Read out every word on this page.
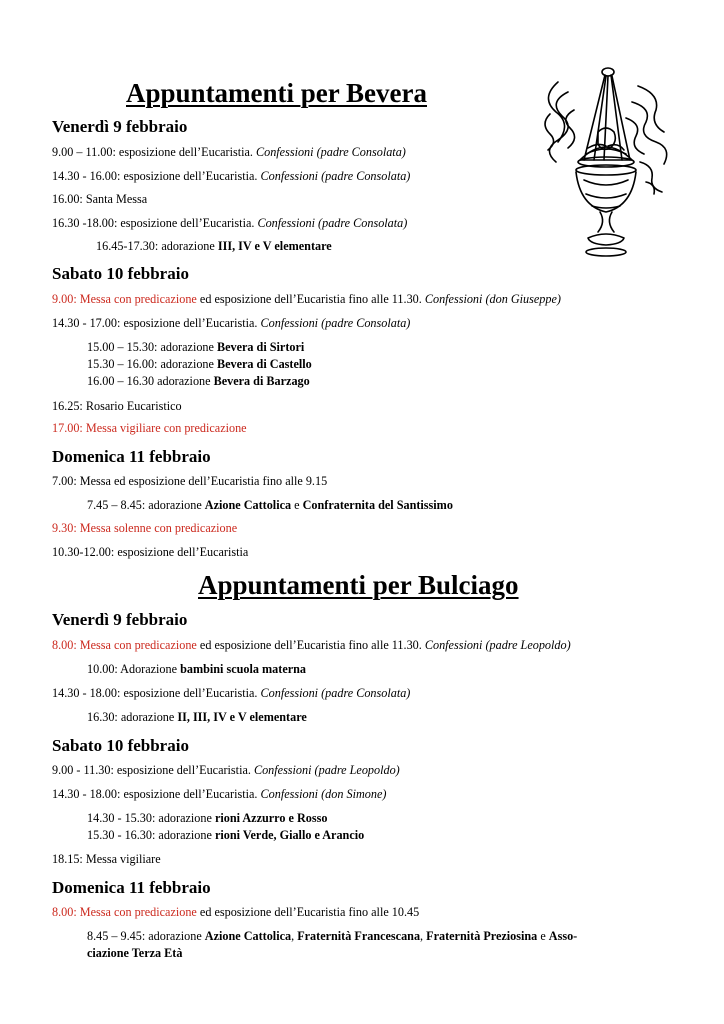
Appuntamenti per Bevera
Venerdì 9 febbraio
9.00 – 11.00: esposizione dell’Eucaristia. Confessioni (padre Consolata)
14.30 - 16.00: esposizione dell’Eucaristia. Confessioni (padre Consolata)
16.00: Santa Messa
16.30 -18.00: esposizione dell’Eucaristia. Confessioni (padre Consolata)
16.45-17.30: adorazione III, IV e V elementare
Sabato 10 febbraio
9.00: Messa con predicazione ed esposizione dell’Eucaristia fino alle 11.30. Confessioni (don Giuseppe)
14.30 - 17.00: esposizione dell’Eucaristia. Confessioni (padre Consolata)
15.00 – 15.30: adorazione Bevera di Sirtori
15.30 – 16.00: adorazione Bevera di Castello
16.00 – 16.30 adorazione Bevera di Barzago
16.25: Rosario Eucaristico
17.00: Messa vigiliare con predicazione
Domenica 11 febbraio
7.00: Messa ed esposizione dell’Eucaristia fino alle 9.15
7.45 – 8.45: adorazione Azione Cattolica e Confraternita del Santissimo
9.30: Messa solenne con predicazione
10.30-12.00: esposizione dell’Eucaristia
Appuntamenti per Bulciago
Venerdì 9 febbraio
8.00: Messa con predicazione ed esposizione dell’Eucaristia fino alle 11.30. Confessioni (padre Leopoldo)
10.00: Adorazione bambini scuola materna
14.30 - 18.00: esposizione dell’Eucaristia. Confessioni (padre Consolata)
16.30: adorazione II, III, IV e V elementare
Sabato 10 febbraio
9.00 - 11.30: esposizione dell’Eucaristia. Confessioni (padre Leopoldo)
14.30 - 18.00: esposizione dell’Eucaristia. Confessioni (don Simone)
14.30 - 15.30: adorazione rioni Azzurro e Rosso
15.30 - 16.30: adorazione rioni Verde, Giallo e Arancio
18.15: Messa vigiliare
Domenica 11 febbraio
8.00: Messa con predicazione ed esposizione dell’Eucaristia fino alle 10.45
8.45 – 9.45: adorazione Azione Cattolica, Fraternità Francescana, Fraternità Preziosina e Asso-
ciazione Terza Età
